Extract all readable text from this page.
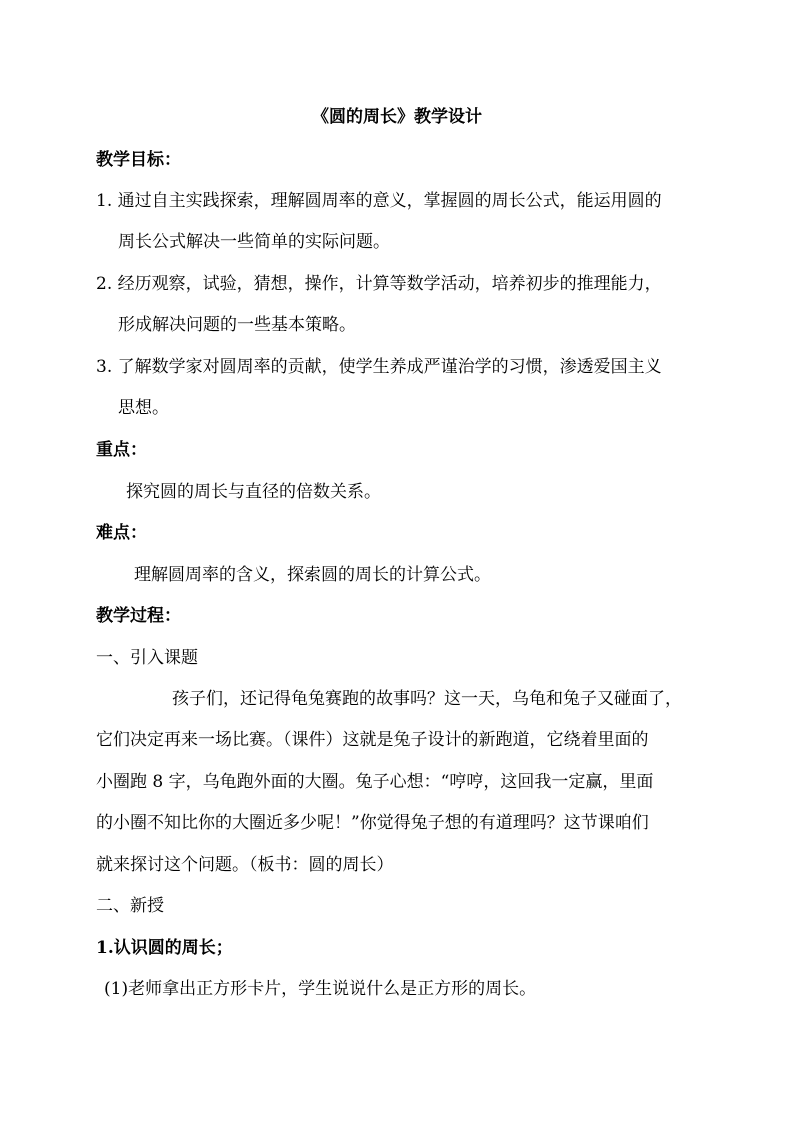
《圆的周长》教学设计
教学目标：
1. 通过自主实践探索，理解圆周率的意义，掌握圆的周长公式，能运用圆的
周长公式解决一些简单的实际问题。
2. 经历观察，试验，猜想，操作，计算等数学活动，培养初步的推理能力，
形成解决问题的一些基本策略。
3. 了解数学家对圆周率的贡献，使学生养成严谨治学的习惯，渗透爱国主义
思想。
重点：
探究圆的周长与直径的倍数关系。
难点：
理解圆周率的含义，探索圆的周长的计算公式。
教学过程：
一、引入课题
孩子们，还记得龟兔赛跑的故事吗？这一天，乌龟和兔子又碰面了，
它们决定再来一场比赛。（课件）这就是兔子设计的新跑道，它绕着里面的
小圈跑 8 字，乌龟跑外面的大圈。兔子心想：“哼哼，这回我一定赢，里面
的小圈不知比你的大圈近多少呢！”你觉得兔子想的有道理吗？这节课咱们
就来探讨这个问题。（板书：圆的周长）
二、新授
1.认识圆的周长；
(1)老师拿出正方形卡片，学生说说什么是正方形的周长。
